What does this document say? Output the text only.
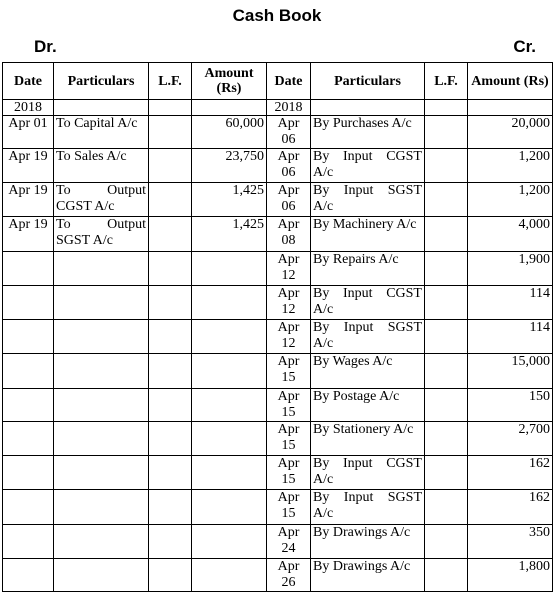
Cash Book
Dr.	Cr.
Date	Particulars	L.F.	Amount (Rs)	Date	Particulars	L.F.	Amount (Rs)
2018				2018			
Apr 01	To Capital A/c		60,000	Apr 06	By Purchases A/c		20,000
Apr 19	To Sales A/c		23,750	Apr 06	By Input CGST A/c		1,200
Apr 19	To Output CGST A/c		1,425	Apr 06	By Input SGST A/c		1,200
Apr 19	To Output SGST A/c		1,425	Apr 08	By Machinery A/c		4,000
				Apr 12	By Repairs A/c		1,900
				Apr 12	By Input CGST A/c		114
				Apr 12	By Input SGST A/c		114
				Apr 15	By Wages A/c		15,000
				Apr 15	By Postage A/c		150
				Apr 15	By Stationery A/c		2,700
				Apr 15	By Input CGST A/c		162
				Apr 15	By Input SGST A/c		162
				Apr 24	By Drawings A/c		350
				Apr 26	By Drawings A/c		1,800
